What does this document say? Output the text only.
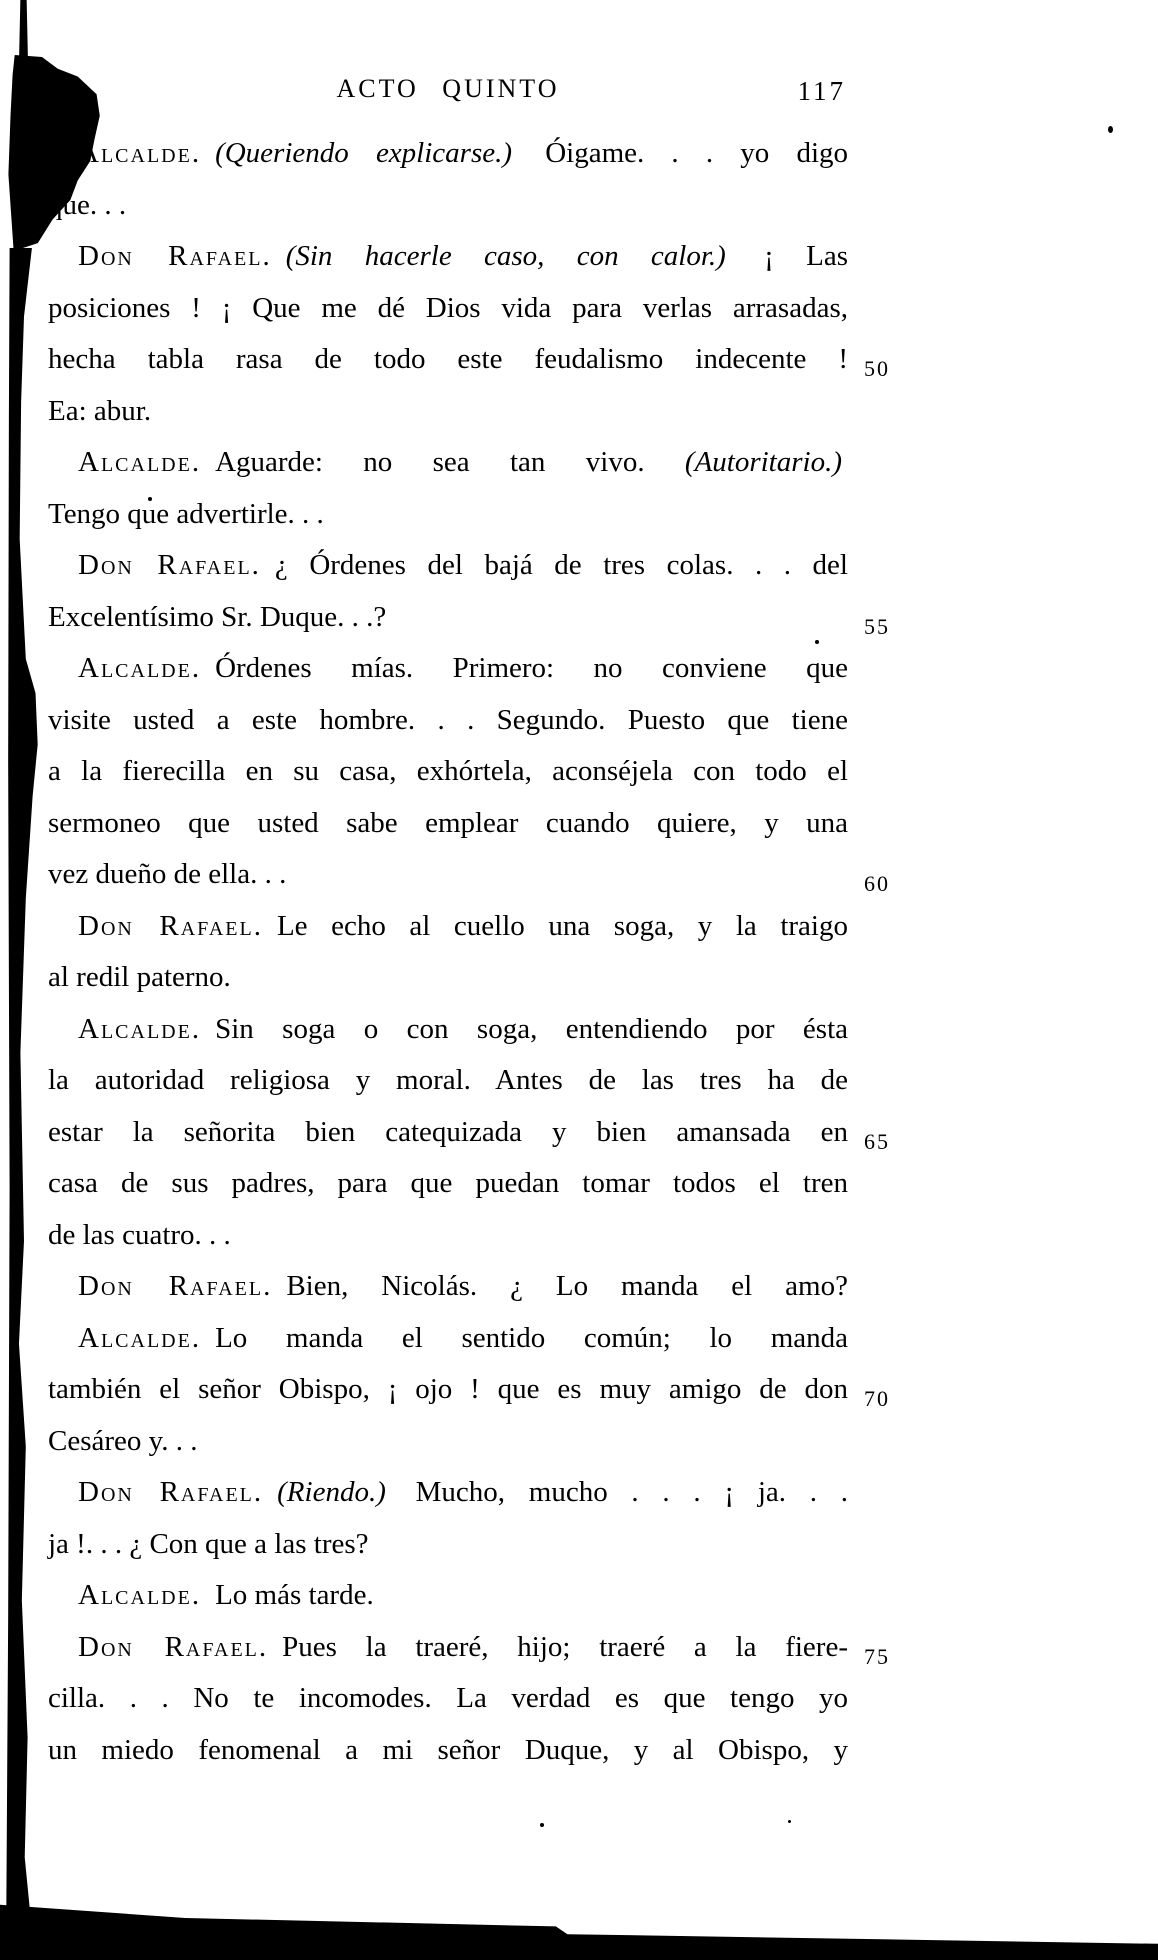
ACTO QUINTO	117
Alcalde. (Queriendo explicarse.) Óigame. . . yo digo
que. . .
Don Rafael. (Sin hacerle caso, con calor.) ¡ Las
posiciones ! ¡ Que me dé Dios vida para verlas arrasadas,
hecha tabla rasa de todo este feudalismo indecente ! 50
Ea: abur.
Alcalde. Aguarde: no sea tan vivo. (Autoritario.)
Tengo que advertirle. . .
Don Rafael. ¿ Órdenes del bajá de tres colas. . . del
Excelentísimo Sr. Duque. . .?	55
Alcalde. Órdenes mías. Primero: no conviene que
visite usted a este hombre. . . Segundo. Puesto que tiene
a la fierecilla en su casa, exhórtela, aconséjela con todo el
sermoneo que usted sabe emplear cuando quiere, y una
vez dueño de ella. . .	60
Don Rafael. Le echo al cuello una soga, y la traigo
al redil paterno.
Alcalde. Sin soga o con soga, entendiendo por ésta
la autoridad religiosa y moral. Antes de las tres ha de
estar la señorita bien catequizada y bien amansada en 65
casa de sus padres, para que puedan tomar todos el tren
de las cuatro. . .
Don Rafael. Bien, Nicolás. ¿ Lo manda el amo?
Alcalde. Lo manda el sentido común; lo manda
también el señor Obispo, ¡ ojo ! que es muy amigo de don 70
Cesáreo y. . .
Don Rafael. (Riendo.) Mucho, mucho . . . ¡ ja. . .
ja !. . . ¿ Con que a las tres?
Alcalde. Lo más tarde.
Don Rafael. Pues la traeré, hijo; traeré a la fiere- 75
cilla. . . No te incomodes. La verdad es que tengo yo
un miedo fenomenal a mi señor Duque, y al Obispo, y
